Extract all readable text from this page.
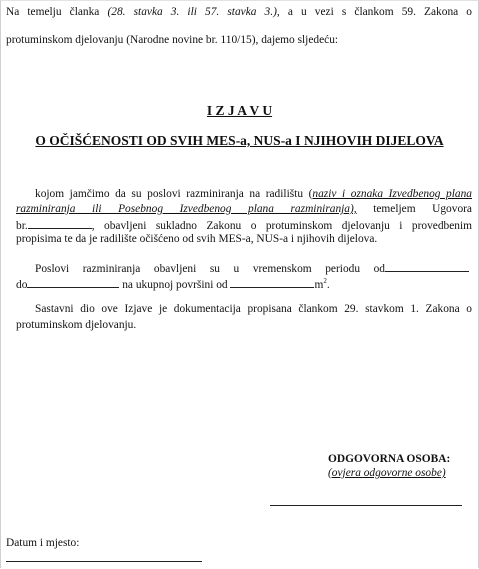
Na temelju članka (28. stavka 3. ili 57. stavka 3.), a u vezi s člankom 59. Zakona o
protuminskom djelovanju (Narodne novine br. 110/15), dajemo sljedeću:
I Z J A V U
O OČIŠĆENOSTI OD SVIH MES-a, NUS-a I NJIHOVIH DIJELOVA
kojom jamčimo da su poslovi razminiranja na radilištu (naziv i oznaka Izvedbenog plana
razminiranja ili Posebnog Izvedbenog plana razminiranja), temeljem Ugovora
br.	, obavljeni sukladno Zakonu o protuminskom djelovanju i provedbenim
propisima te da je radilište očišćeno od svih MES-a, NUS-a i njihovih dijelova.
Poslovi razminiranja obavljeni su u vremenskom periodu od
do	na ukupnoj površini od	$m^2$.
Sastavni dio ove Izjave je dokumentacija propisana člankom 29. stavkom 1. Zakona o
protuminskom djelovanju.
ODGOVORNA OSOBA:
(ovjera odgovorne osobe)
Datum i mjesto:
